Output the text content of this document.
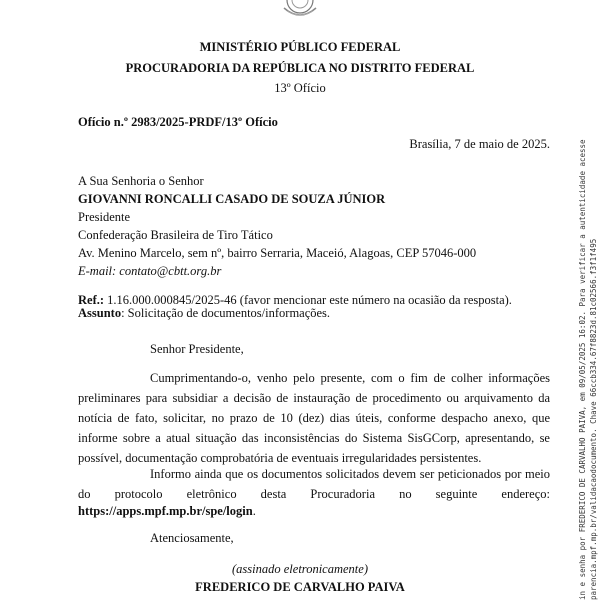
MINISTÉRIO PÚBLICO FEDERAL
PROCURADORIA DA REPÚBLICA NO DISTRITO FEDERAL
13º Ofício
Ofício n.º 2983/2025-PRDF/13º Ofício
Brasília, 7 de maio de 2025.
A Sua Senhoria o Senhor
GIOVANNI RONCALLI CASADO DE SOUZA JÚNIOR
Presidente
Confederação Brasileira de Tiro Tático
Av. Menino Marcelo, sem nº, bairro Serraria, Maceió, Alagoas, CEP 57046-000
E-mail: contato@cbtt.org.br
Ref.: 1.16.000.000845/2025-46 (favor mencionar este número na ocasião da resposta).
Assunto: Solicitação de documentos/informações.
Senhor Presidente,

Cumprimentando-o, venho pelo presente, com o fim de colher informações preliminares para subsidiar a decisão de instauração de procedimento ou arquivamento da notícia de fato, solicitar, no prazo de 10 (dez) dias úteis, conforme despacho anexo, que informe sobre a atual situação das inconsistências do Sistema SisGCorp, apresentando, se possível, documentação comprobatória de eventuais irregularidades persistentes.

Informo ainda que os documentos solicitados devem ser peticionados por meio do protocolo eletrônico desta Procuradoria no seguinte endereço:

https://apps.mpf.mp.br/spe/login.
Atenciosamente,
(assinado eletronicamente)
FREDERICO DE CARVALHO PAIVA	in e senha por FREDERICO DE CARVALHO PAIVA, em 09/05/2025 16:02. Para verificar a autenticidade acesse parencia.mpf.mp.br/validacaodocumento. Chave 66ccb334.67f8823d.81c02566.f3f1f495
